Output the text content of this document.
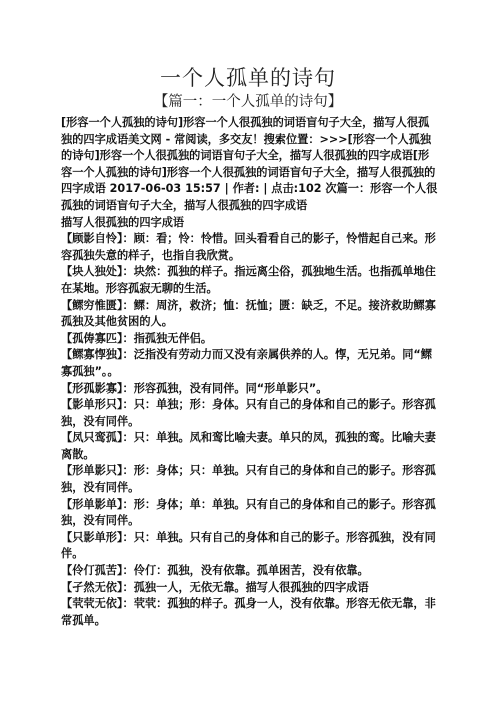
一个人孤单的诗句
【篇一：一个人孤单的诗句】

[形容一个人孤独的诗句]形容一个人很孤独的词语盲句子大全，描写人很孤独的四字成语美文网 - 常阅读，多交友！搜索位置：>>>[形容一个人孤独的诗句]形容一个人很孤独的词语盲句子大全，描写人很孤独的四字成语[形容一个人孤独的诗句]形容一个人很孤独的词语盲句子大全，描写人很孤独的四字成语 2017-06-03 15:57 | 作者: | 点击:102 次篇一：形容一个人很孤独的词语盲句子大全，描写人很孤独的四字成语

描写人很孤独的四字成语

【顾影自怜】：顾：看；怜：怜惜。回头看看自己的影子，怜惜起自己来。形容孤独失意的样子，也指自我欣赏。

【块人独处】：块然：孤独的样子。指远离尘俗，孤独地生活。也指孤单地住在某地。形容孤寂无聊的生活。

【鳏穷惟匮】：鳏：周济，救济；恤：抚恤；匮：缺乏，不足。接济救助鳏寡孤独及其他贫困的人。

【孤俦寡匹】：指孤独无伴侣。

【鳏寡惸独】：泛指没有劳动力而又没有亲属供养的人。惸，无兄弟。同“鳏寡孤独”。。

【形孤影寡】：形容孤独，没有同伴。同“形单影只”。

【影单形只】：只：单独；形：身体。只有自己的身体和自己的影子。形容孤独，没有同伴。

【凤只鸾孤】：只：单独。凤和鸾比喻夫妻。单只的凤，孤独的鸾。比喻夫妻离散。

【形单影只】：形：身体；只：单独。只有自己的身体和自己的影子。形容孤独，没有同伴。

【形单影单】：形：身体；单：单独。只有自己的身体和自己的影子。形容孤独，没有同伴。

【只影单形】：只：单独。只有自己的身体和自己的影子。形容孤独，没有同伴。

【伶仃孤苦】：伶仃：孤独，没有依靠。孤单困苦，没有依靠。

【孑然无依】：孤独一人，无依无靠。描写人很孤独的四字成语

【茕茕无依】：茕茕：孤独的样子。孤身一人，没有依靠。形容无依无靠，非常孤单。
